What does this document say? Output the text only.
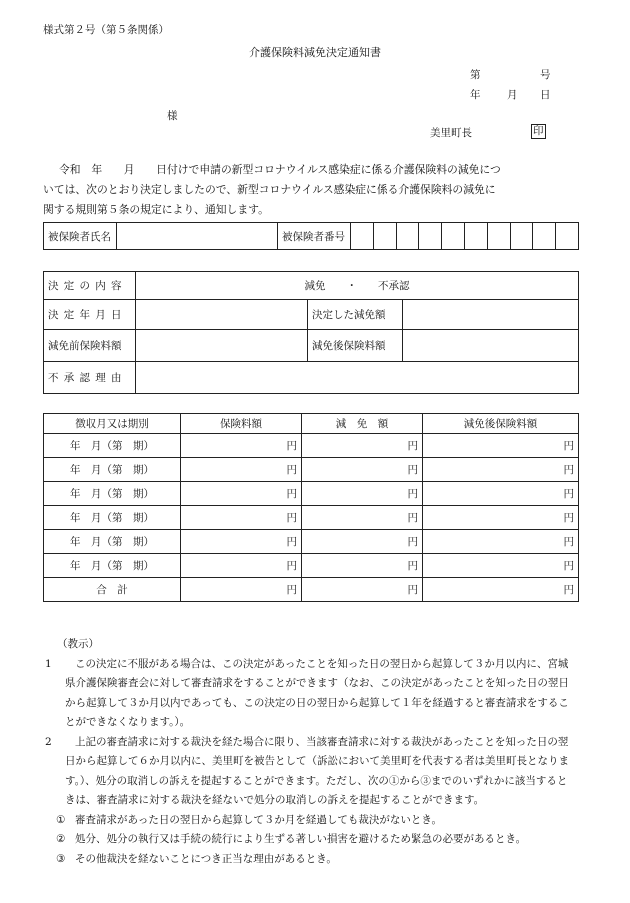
様式第２号（第５条関係）
介護保険料減免決定通知書
第	号
年	月 日
様
美里町長	印
令和　年　　月　　日付けで申請の新型コロナウイルス感染症に係る介護保険料の減免につ
いては、次のとおり決定しましたので、新型コロナウイルス感染症に係る介護保険料の減免に
関する規則第５条の規定により、通知します。
被保険者氏名		被保険者番号										
決定の内容	減免　　・　　不承認		
決定年月日		決定した減免額	
減免前保険料額		減免後保険料額	
不承認理由			
徴収月又は期別	保険料額	減　免　額	減免後保険料額
年　月（第　期）	円	円	円
年　月（第　期）	円	円	円
年　月（第　期）	円	円	円
年　月（第　期）	円	円	円
年　月（第　期）	円	円	円
年　月（第　期）	円	円	円
合　計	円	円	円
（教示）
1	この決定に不服がある場合は、この決定があったことを知った日の翌日から起算して３か月以内に、宮城
県介護保険審査会に対して審査請求をすることができます（なお、この決定があったことを知った日の翌日
から起算して３か月以内であっても、この決定の日の翌日から起算して１年を経過すると審査請求をするこ
とができなくなります。）。
2	上記の審査請求に対する裁決を経た場合に限り、当該審査請求に対する裁決があったことを知った日の翌
日から起算して６か月以内に、美里町を被告として（訴訟において美里町を代表する者は美里町長となりま
す。）、処分の取消しの訴えを提起することができます。ただし、次の①から③までのいずれかに該当すると
きは、審査請求に対する裁決を経ないで処分の取消しの訴えを提起することができます。
① 審査請求があった日の翌日から起算して３か月を経過しても裁決がないとき。
② 処分、処分の執行又は手続の続行により生ずる著しい損害を避けるため緊急の必要があるとき。
③ その他裁決を経ないことにつき正当な理由があるとき。
